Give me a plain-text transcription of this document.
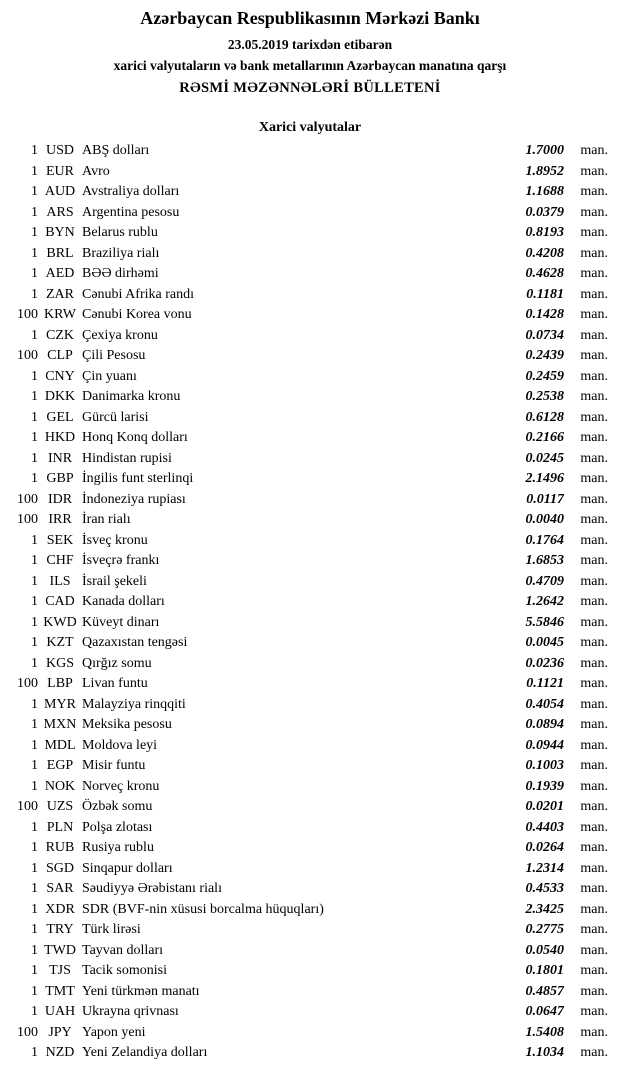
Azərbaycan Respublikasının Mərkəzi Bankı
23.05.2019 tarixdən etibarən
xarici valyutaların və bank metallarının Azərbaycan manatına qarşı
RƏSMİ MƏZƏNNƏLƏRİ BÜLLETENİ
Xarici valyutalar
1	USD	ABŞ dolları	1.7000	man.
1	EUR	Avro	1.8952	man.
1	AUD	Avstraliya dolları	1.1688	man.
1	ARS	Argentina pesosu	0.0379	man.
1	BYN	Belarus rublu	0.8193	man.
1	BRL	Braziliya rialı	0.4208	man.
1	AED	BƏƏ dirhəmi	0.4628	man.
1	ZAR	Cənubi Afrika randı	0.1181	man.
100	KRW	Cənubi Korea vonu	0.1428	man.
1	CZK	Çexiya kronu	0.0734	man.
100	CLP	Çili Pesosu	0.2439	man.
1	CNY	Çin yuanı	0.2459	man.
1	DKK	Danimarka kronu	0.2538	man.
1	GEL	Gürcü larisi	0.6128	man.
1	HKD	Honq Konq dolları	0.2166	man.
1	INR	Hindistan rupisi	0.0245	man.
1	GBP	İngilis funt sterlinqi	2.1496	man.
100	IDR	İndoneziya rupiası	0.0117	man.
100	IRR	İran rialı	0.0040	man.
1	SEK	İsveç kronu	0.1764	man.
1	CHF	İsveçrə frankı	1.6853	man.
1	ILS	İsrail şekeli	0.4709	man.
1	CAD	Kanada dolları	1.2642	man.
1	KWD	Küveyt dinarı	5.5846	man.
1	KZT	Qazaxıstan tengəsi	0.0045	man.
1	KGS	Qırğız somu	0.0236	man.
100	LBP	Livan funtu	0.1121	man.
1	MYR	Malayziya rinqqiti	0.4054	man.
1	MXN	Meksika pesosu	0.0894	man.
1	MDL	Moldova leyi	0.0944	man.
1	EGP	Misir funtu	0.1003	man.
1	NOK	Norveç kronu	0.1939	man.
100	UZS	Özbək somu	0.0201	man.
1	PLN	Polşa zlotası	0.4403	man.
1	RUB	Rusiya rublu	0.0264	man.
1	SGD	Sinqapur dolları	1.2314	man.
1	SAR	Səudiyyə Ərəbistanı rialı	0.4533	man.
1	XDR	SDR (BVF-nin xüsusi borcalma hüquqları)	2.3425	man.
1	TRY	Türk lirəsi	0.2775	man.
1	TWD	Tayvan dolları	0.0540	man.
1	TJS	Tacik somonisi	0.1801	man.
1	TMT	Yeni türkmən manatı	0.4857	man.
1	UAH	Ukrayna qrivnası	0.0647	man.
100	JPY	Yapon yeni	1.5408	man.
1	NZD	Yeni Zelandiya dolları	1.1034	man.
